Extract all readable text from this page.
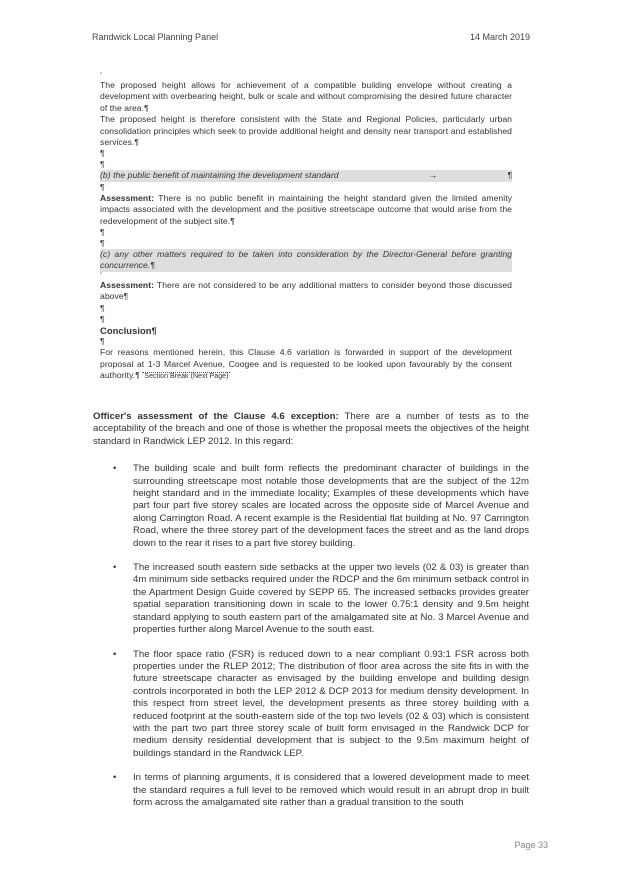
Randwick Local Planning Panel	14 March 2019

"

The proposed height allows for achievement of a compatible building envelope without creating a development with overbearing height, bulk or scale and without compromising the desired future character of the area.¶

The proposed height is therefore consistent with the State and Regional Policies, particularly urban consolidation principles which seek to provide additional height and density near transport and established services.¶

¶

¶

(b) the public benefit of maintaining the development standard	→	¶

¶

Assessment: There is no public benefit in maintaining the height standard given the limited amenity impacts associated with the development and the positive streetscape outcome that would arise from the redevelopment of the subject site.¶

¶

¶

(c) any other matters required to be taken into consideration by the Director-General before granting concurrence.¶

"

Assessment: There are not considered to be any additional matters to consider beyond those discussed above¶

¶

¶

Conclusion¶

¶

For reasons mentioned herein, this Clause 4.6 variation is forwarded in support of the development proposal at 1-3 Marcel Avenue, Coogee and is requested to be looked upon favourably by the consent authority.¶ Section Break (Next Page)

Officer's assessment of the Clause 4.6 exception: There are a number of tests as to the acceptability of the breach and one of those is whether the proposal meets the objectives of the height standard in Randwick LEP 2012. In this regard:

• The building scale and built form reflects the predominant character of buildings in the surrounding streetscape most notable those developments that are the subject of the 12m height standard and in the immediate locality; Examples of these developments which have part four part five storey scales are located across the opposite side of Marcel Avenue and along Carrington Road. A recent example is the Residential flat building at No. 97 Carrington Road, where the three storey part of the development faces the street and as the land drops down to the rear it rises to a part five storey building.
• The increased south eastern side setbacks at the upper two levels (02 & 03) is greater than 4m minimum side setbacks required under the RDCP and the 6m minimum setback control in the Apartment Design Guide covered by SEPP 65. The increased setbacks provides greater spatial separation transitioning down in scale to the lower 0.75:1 density and 9.5m height standard applying to south eastern part of the amalgamated site at No. 3 Marcel Avenue and properties further along Marcel Avenue to the south east.
• The floor space ratio (FSR) is reduced down to a near compliant 0.93:1 FSR across both properties under the RLEP 2012; The distribution of floor area across the site fits in with the future streetscape character as envisaged by the building envelope and building design controls incorporated in both the LEP 2012 & DCP 2013 for medium density development. In this respect from street level, the development presents as three storey building with a reduced footprint at the south-eastern side of the top two levels (02 & 03) which is consistent with the part two part three storey scale of built form envisaged in the Randwick DCP for medium density residential development that is subject to the 9.5m maximum height of buildings standard in the Randwick LEP.
• In terms of planning arguments, it is considered that a lowered development made to meet the standard requires a full level to be removed which would result in an abrupt drop in built form across the amalgamated site rather than a gradual transition to the south
Page 33
